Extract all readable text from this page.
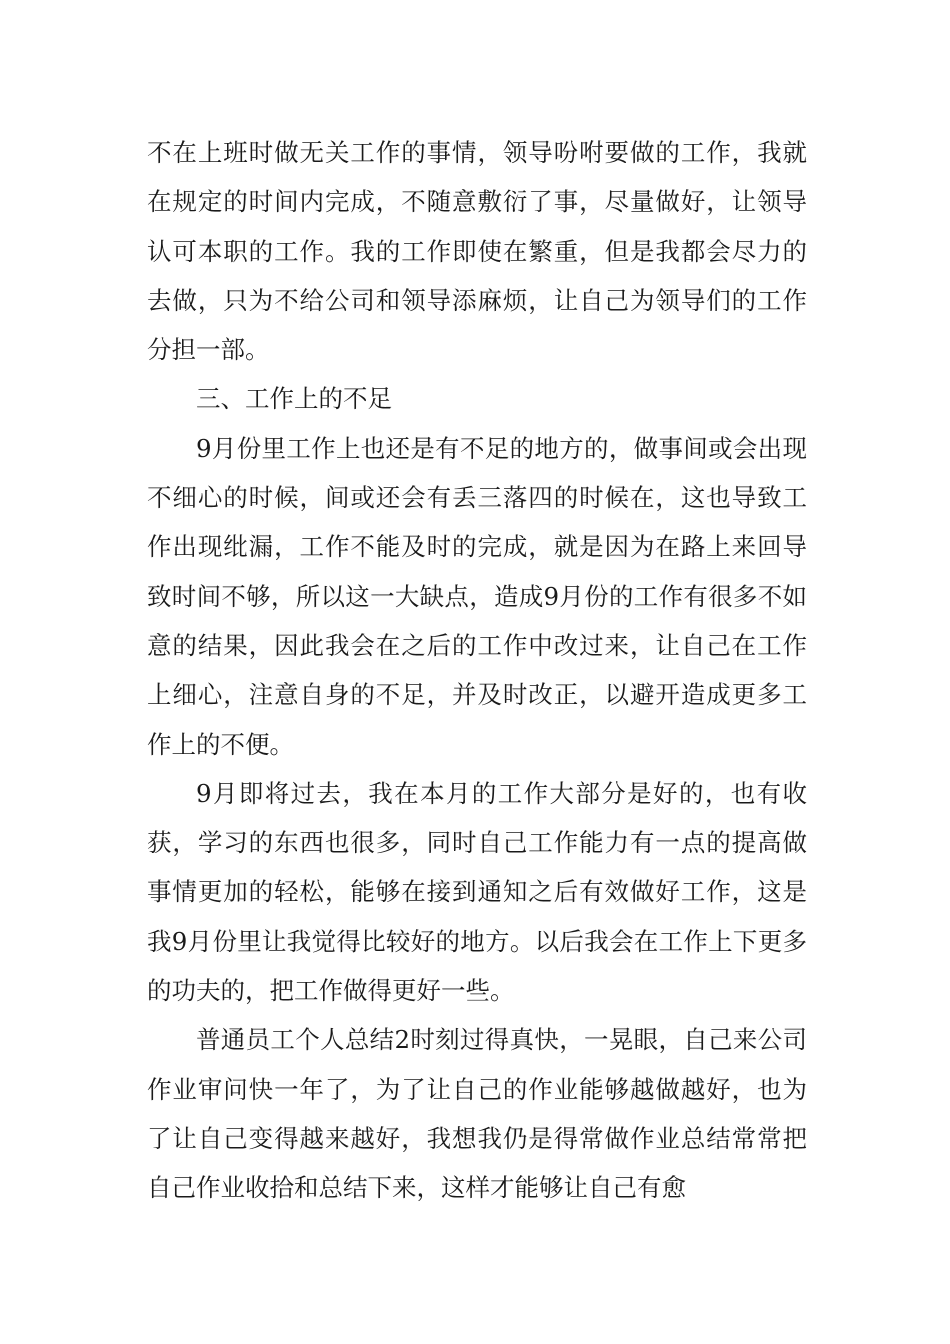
不在上班时做无关工作的事情，领导吩咐要做的工作，我就在规定的时间内完成，不随意敷衍了事，尽量做好，让领导认可本职的工作。我的工作即使在繁重，但是我都会尽力的去做，只为不给公司和领导添麻烦，让自己为领导们的工作分担一部。

三、工作上的不足

9月份里工作上也还是有不足的地方的，做事间或会出现不细心的时候，间或还会有丢三落四的时候在，这也导致工作出现纰漏，工作不能及时的完成，就是因为在路上来回导致时间不够，所以这一大缺点，造成9月份的工作有很多不如意的结果，因此我会在之后的工作中改过来，让自己在工作上细心，注意自身的不足，并及时改正，以避开造成更多工作上的不便。

9月即将过去，我在本月的工作大部分是好的，也有收获，学习的东西也很多，同时自己工作能力有一点的提高做事情更加的轻松，能够在接到通知之后有效做好工作，这是我9月份里让我觉得比较好的地方。以后我会在工作上下更多的功夫的，把工作做得更好一些。

普通员工个人总结2时刻过得真快，一晃眼，自己来公司作业审问快一年了，为了让自己的作业能够越做越好，也为了让自己变得越来越好，我想我仍是得常做作业总结常常把自己作业收拾和总结下来，这样才能够让自己有愈
